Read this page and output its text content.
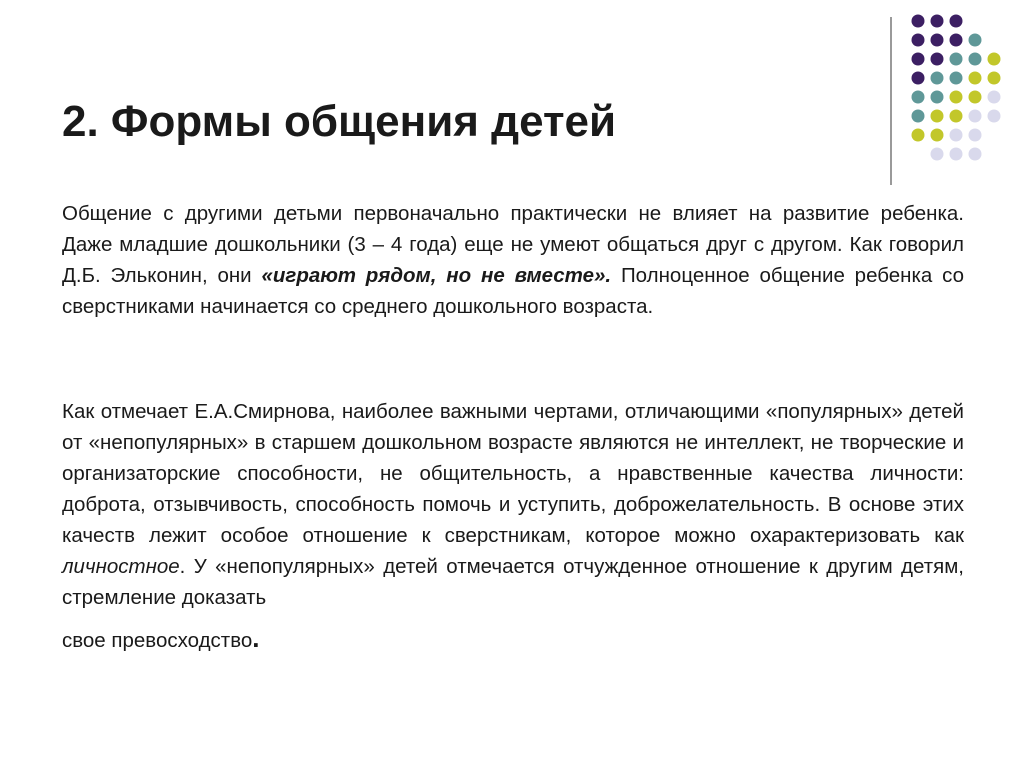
2. Формы общения детей

Общение с другими детьми первоначально практически не влияет на развитие ребенка. Даже младшие дошкольники (3 – 4 года) еще не умеют общаться друг с другом. Как говорил Д.Б. Эльконин, они «играют рядом, но не вместе». Полноценное общение ребенка со сверстниками начинается со среднего дошкольного возраста.

Как отмечает Е.А.Смирнова, наиболее важными чертами, отличающими «популярных» детей от «непопулярных» в старшем дошкольном возрасте являются не интеллект, не творческие и организаторские способности, не общительность, а нравственные качества личности: доброта, отзывчивость, способность помочь и уступить, доброжелательность. В основе этих качеств лежит особое отношение к сверстникам, которое можно охарактеризовать как личностное. У «непопулярных» детей отмечается отчужденное отношение к другим детям, стремление доказать
свое превосходство.
